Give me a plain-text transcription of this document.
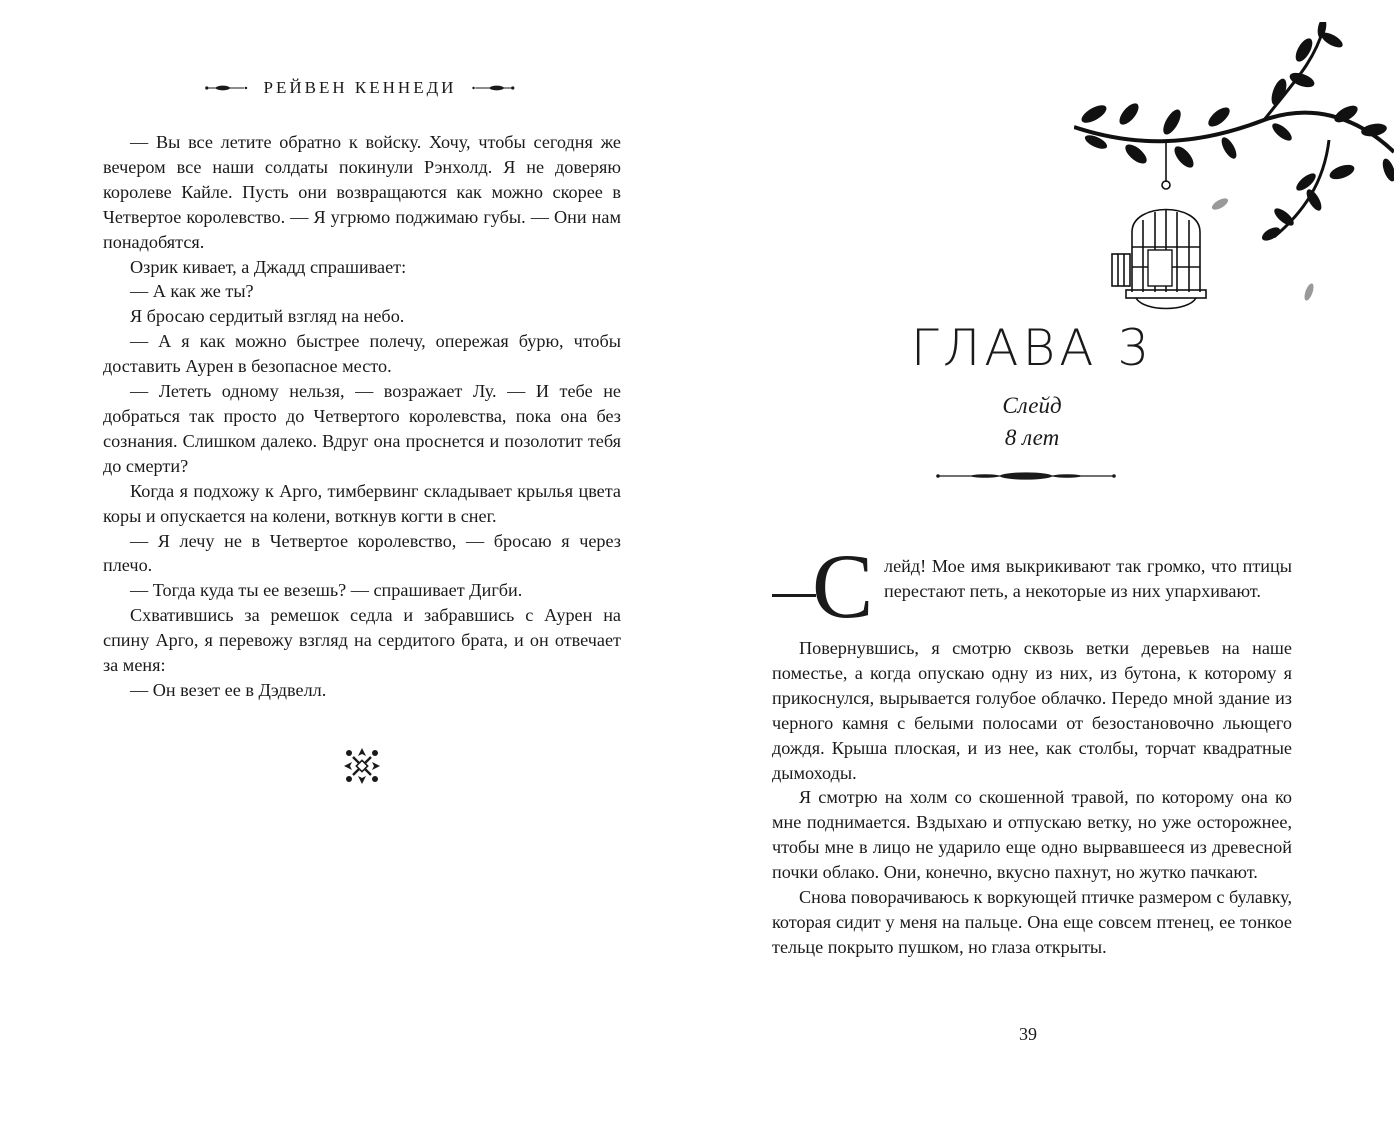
РЕЙВЕН КЕННЕДИ

— Вы все летите обратно к войску. Хочу, чтобы сегодня же вечером все наши солдаты покинули Рэнхолд. Я не доверяю королеве Кайле. Пусть они возвращаются как можно скорее в Четвертое королевство. — Я угрюмо поджимаю губы. — Они нам понадобятся.

Озрик кивает, а Джадд спрашивает:

— А как же ты?

Я бросаю сердитый взгляд на небо.

— А я как можно быстрее полечу, опережая бурю, чтобы доставить Аурен в безопасное место.

— Лететь одному нельзя, — возражает Лу. — И тебе не добраться так просто до Четвертого королевства, пока она без сознания. Слишком далеко. Вдруг она проснется и позолотит тебя до смерти?

Когда я подхожу к Арго, тимбервинг складывает крылья цвета коры и опускается на колени, воткнув когти в снег.

— Я лечу не в Четвертое королевство, — бросаю я через плечо.

— Тогда куда ты ее везешь? — спрашивает Дигби.

Схватившись за ремешок седла и забравшись с Аурен на спину Арго, я перевожу взгляд на сердитого брата, и он отвечает за меня:

— Он везет ее в Дэдвелл.

ГЛАВА 3
Слейд
8 лет

С лейд! Мое имя выкрикивают так громко, что птицы перестают петь, а некоторые из них упархивают.

Повернувшись, я смотрю сквозь ветки деревьев на наше поместье, а когда опускаю одну из них, из бутона, к которому я прикоснулся, вырывается голубое облачко. Передо мной здание из черного камня с белыми полосами от безостановочно льющего дождя. Крыша плоская, и из нее, как столбы, торчат квадратные дымоходы.

Я смотрю на холм со скошенной травой, по которому она ко мне поднимается. Вздыхаю и отпускаю ветку, но уже осторожнее, чтобы мне в лицо не ударило еще одно вырвавшееся из древесной почки облако. Они, конечно, вкусно пахнут, но жутко пачкают.

Снова поворачиваюсь к воркующей птичке размером с булавку, которая сидит у меня на пальце. Она еще совсем птенец, ее тонкое тельце покрыто пушком, но глаза открыты.

39
